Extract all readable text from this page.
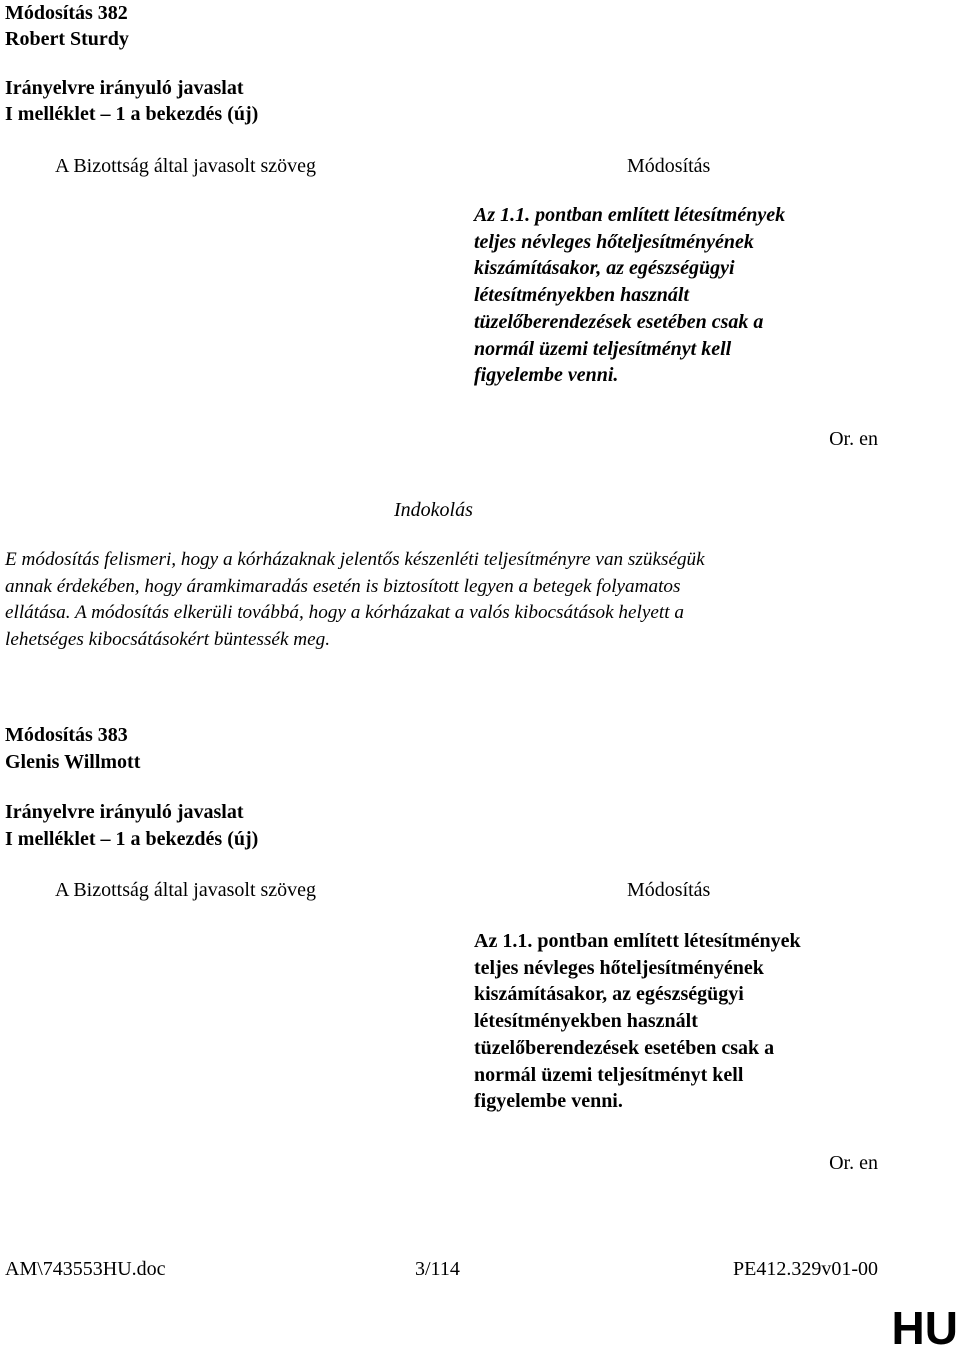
Módosítás 382
Robert Sturdy
Irányelvre irányuló javaslat
I melléklet – 1 a bekezdés (új)
A Bizottság által javasolt szöveg	Módosítás
Az 1.1. pontban említett létesítmények
teljes névleges hőteljesítményének
kiszámításakor, az egészségügyi
létesítményekben használt
tüzelőberendezések esetében csak a
normál üzemi teljesítményt kell
figyelembe venni.
Or. en
Indokolás
E módosítás felismeri, hogy a kórházaknak jelentős készenléti teljesítményre van szükségük
annak érdekében, hogy áramkimaradás esetén is biztosított legyen a betegek folyamatos
ellátása. A módosítás elkerüli továbbá, hogy a kórházakat a valós kibocsátások helyett a
lehetséges kibocsátásokért büntessék meg.
Módosítás 383
Glenis Willmott
Irányelvre irányuló javaslat
I melléklet – 1 a bekezdés (új)
A Bizottság által javasolt szöveg	Módosítás
Az 1.1. pontban említett létesítmények
teljes névleges hőteljesítményének
kiszámításakor, az egészségügyi
létesítményekben használt
tüzelőberendezések esetében csak a
normál üzemi teljesítményt kell
figyelembe venni.
Or. en
AM\743553HU.doc	3/114	PE412.329v01-00
HU
